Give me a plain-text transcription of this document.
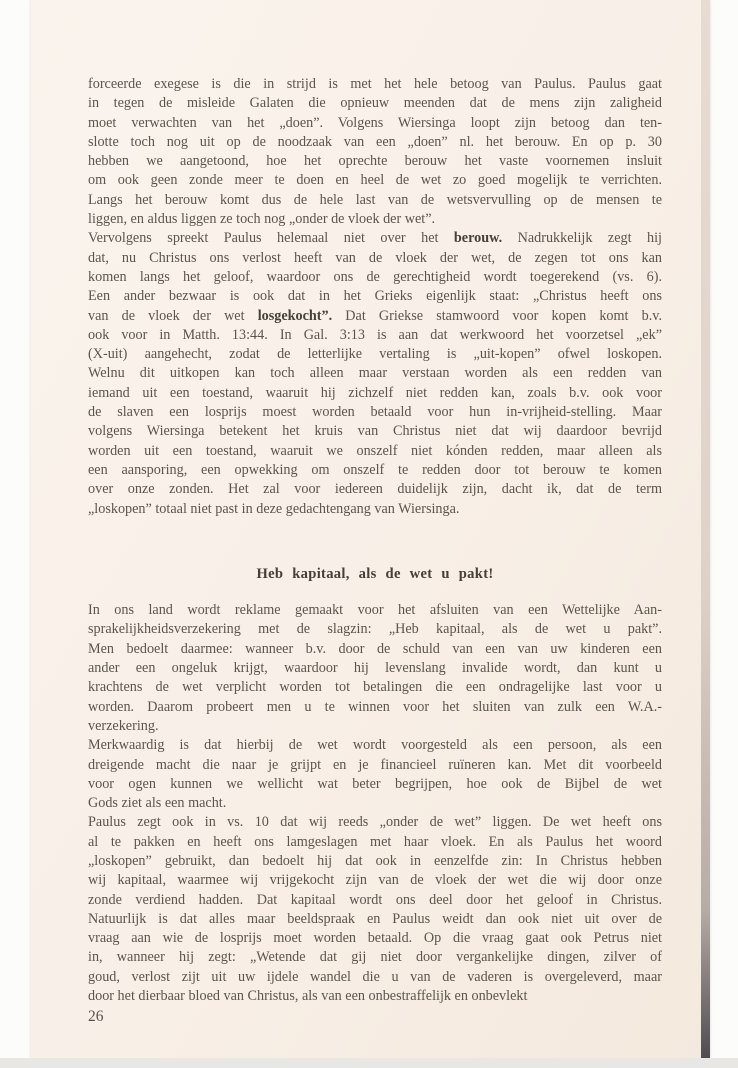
forceerde exegese is die in strijd is met het hele betoog van Paulus. Paulus gaat
in tegen de misleide Galaten die opnieuw meenden dat de mens zijn zaligheid
moet verwachten van het „doen”. Volgens Wiersinga loopt zijn betoog dan ten-
slotte toch nog uit op de noodzaak van een „doen” nl. het berouw. En op p. 30
hebben we aangetoond, hoe het oprechte berouw het vaste voornemen insluit
om ook geen zonde meer te doen en heel de wet zo goed mogelijk te verrichten.
Langs het berouw komt dus de hele last van de wetsvervulling op de mensen te
liggen, en aldus liggen ze toch nog „onder de vloek der wet”.
Vervolgens spreekt Paulus helemaal niet over het berouw. Nadrukkelijk zegt hij
dat, nu Christus ons verlost heeft van de vloek der wet, de zegen tot ons kan
komen langs het geloof, waardoor ons de gerechtigheid wordt toegerekend (vs. 6).
Een ander bezwaar is ook dat in het Grieks eigenlijk staat: „Christus heeft ons
van de vloek der wet losgekocht”. Dat Griekse stamwoord voor kopen komt b.v.
ook voor in Matth. 13:44. In Gal. 3:13 is aan dat werkwoord het voorzetsel „ek”
(X-uit) aangehecht, zodat de letterlijke vertaling is „uit-kopen” ofwel loskopen.
Welnu dit uitkopen kan toch alleen maar verstaan worden als een redden van
iemand uit een toestand, waaruit hij zichzelf niet redden kan, zoals b.v. ook voor
de slaven een losprijs moest worden betaald voor hun in-vrijheid-stelling. Maar
volgens Wiersinga betekent het kruis van Christus niet dat wij daardoor bevrijd
worden uit een toestand, waaruit we onszelf niet kónden redden, maar alleen als
een aansporing, een opwekking om onszelf te redden door tot berouw te komen
over onze zonden. Het zal voor iedereen duidelijk zijn, dacht ik, dat de term
„loskopen” totaal niet past in deze gedachtengang van Wiersinga.
Heb kapitaal, als de wet u pakt!
In ons land wordt reklame gemaakt voor het afsluiten van een Wettelijke Aan-
sprakelijkheidsverzekering met de slagzin: „Heb kapitaal, als de wet u pakt”.
Men bedoelt daarmee: wanneer b.v. door de schuld van een van uw kinderen een
ander een ongeluk krijgt, waardoor hij levenslang invalide wordt, dan kunt u
krachtens de wet verplicht worden tot betalingen die een ondragelijke last voor u
worden. Daarom probeert men u te winnen voor het sluiten van zulk een W.A.-
verzekering.
Merkwaardig is dat hierbij de wet wordt voorgesteld als een persoon, als een
dreigende macht die naar je grijpt en je financieel ruïneren kan. Met dit voorbeeld
voor ogen kunnen we wellicht wat beter begrijpen, hoe ook de Bijbel de wet
Gods ziet als een macht.
Paulus zegt ook in vs. 10 dat wij reeds „onder de wet” liggen. De wet heeft ons
al te pakken en heeft ons lamgeslagen met haar vloek. En als Paulus het woord
„loskopen” gebruikt, dan bedoelt hij dat ook in eenzelfde zin: In Christus hebben
wij kapitaal, waarmee wij vrijgekocht zijn van de vloek der wet die wij door onze
zonde verdiend hadden. Dat kapitaal wordt ons deel door het geloof in Christus.
Natuurlijk is dat alles maar beeldspraak en Paulus weidt dan ook niet uit over de
vraag aan wie de losprijs moet worden betaald. Op die vraag gaat ook Petrus niet
in, wanneer hij zegt: „Wetende dat gij niet door vergankelijke dingen, zilver of
goud, verlost zijt uit uw ijdele wandel die u van de vaderen is overgeleverd, maar
door het dierbaar bloed van Christus, als van een onbestraffelijk en onbevlekt
26
